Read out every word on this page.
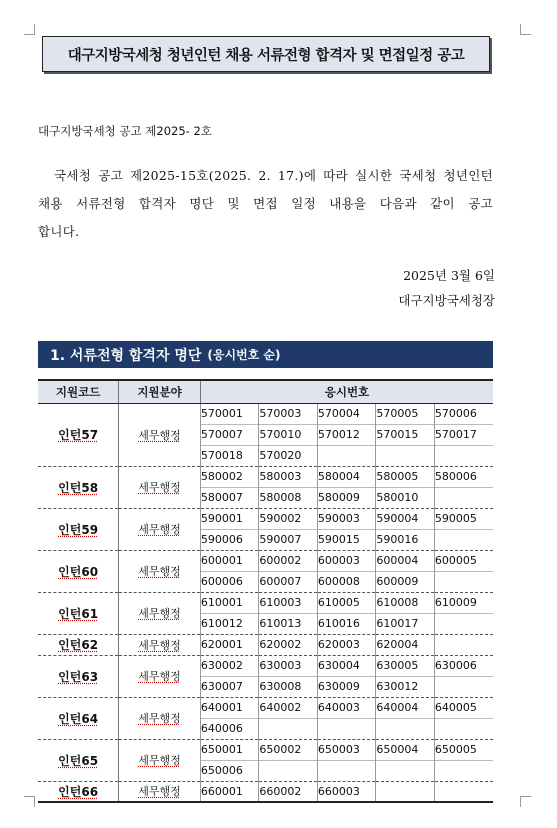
대구지방국세청 청년인턴 채용 서류전형 합격자 및 면접일정 공고
대구지방국세청 공고 제2025- 2호
국세청 공고 제2025-15호(2025. 2. 17.)에 따라 실시한 국세청 청년인턴
채용 서류전형 합격자 명단 및 면접 일정 내용을 다음과 같이 공고
합니다.
2025년 3월 6일
대구지방국세청장
1. 서류전형 합격자 명단 (응시번호 순)
지원코드	지원분야	응시번호				
인턴57	세무행정	570001	570003	570004	570005	570006
		570007	570010	570012	570015	570017
		570018	570020			
인턴58	세무행정	580002	580003	580004	580005	580006
		580007	580008	580009	580010	
인턴59	세무행정	590001	590002	590003	590004	590005
		590006	590007	590015	590016	
인턴60	세무행정	600001	600002	600003	600004	600005
		600006	600007	600008	600009	
인턴61	세무행정	610001	610003	610005	610008	610009
		610012	610013	610016	610017	
인턴62	세무행정	620001	620002	620003	620004	
인턴63	세무행정	630002	630003	630004	630005	630006
		630007	630008	630009	630012	
인턴64	세무행정	640001	640002	640003	640004	640005
		640006				
인턴65	세무행정	650001	650002	650003	650004	650005
		650006				
인턴66	세무행정	660001	660002	660003		
